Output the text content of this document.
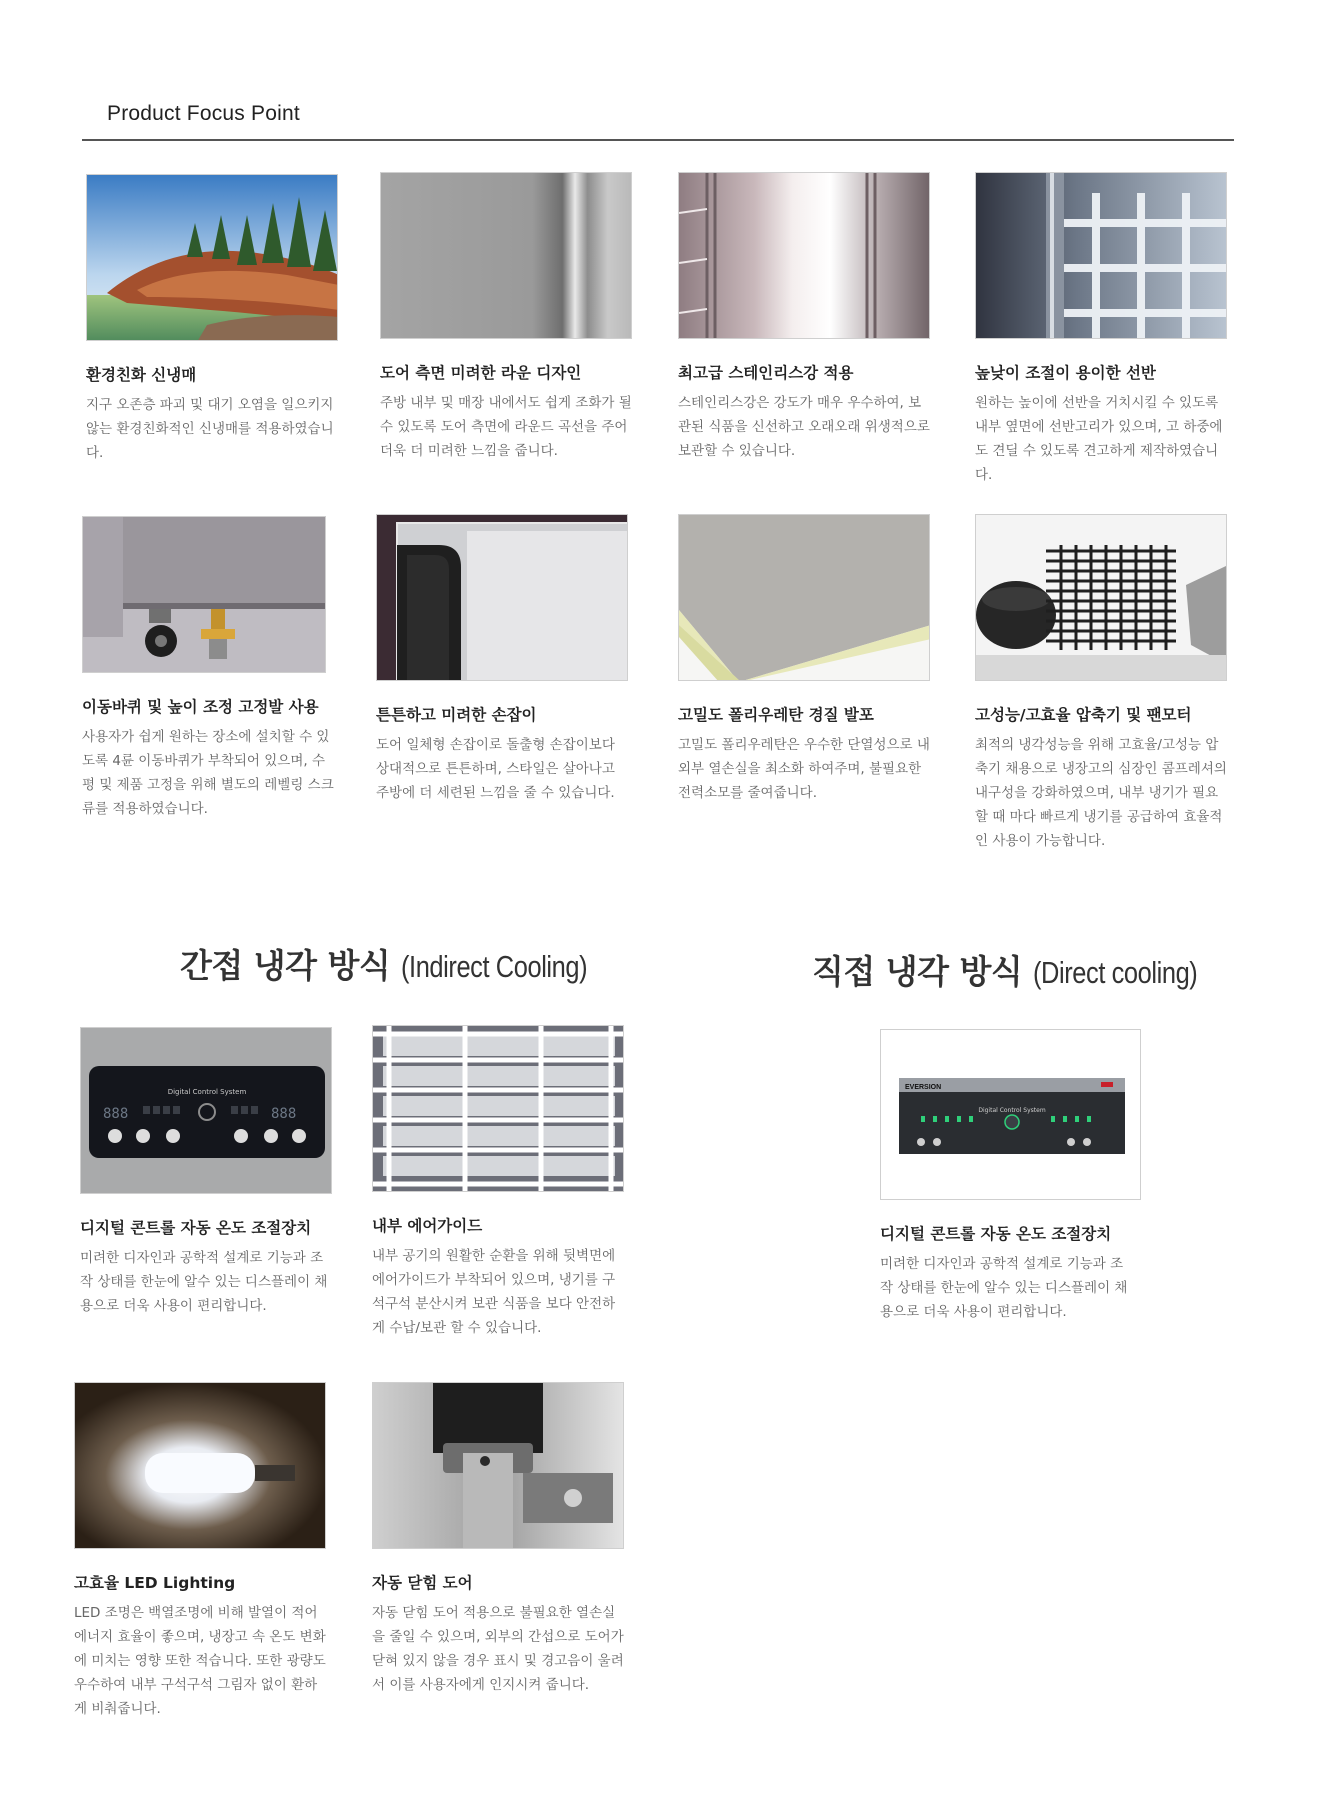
Product Focus Point
환경친화 신냉매
지구 오존층 파괴 및 대기 오염을 일으키지 않는 환경친화적인 신냉매를 적용하였습니다.
도어 측면 미려한 라운 디자인
주방 내부 및 매장 내에서도 쉽게 조화가 될 수 있도록 도어 측면에 라운드 곡선을 주어 더욱 더 미려한 느낌을 줍니다.
최고급 스테인리스강 적용
스테인리스강은 강도가 매우 우수하여, 보관된 식품을 신선하고 오래오래 위생적으로 보관할 수 있습니다.
높낮이 조절이 용이한 선반
원하는 높이에 선반을 거치시킬 수 있도록 내부 옆면에 선반고리가 있으며, 고 하중에도 견딜 수 있도록 견고하게 제작하였습니다.
이동바퀴 및 높이 조정 고정발 사용
사용자가 쉽게 원하는 장소에 설치할 수 있도록 4륜 이동바퀴가 부착되어 있으며, 수평 및 제품 고정을 위해 별도의 레벨링 스크류를 적용하였습니다.
튼튼하고 미려한 손잡이
도어 일체형 손잡이로 돌출형 손잡이보다 상대적으로 튼튼하며, 스타일은 살아나고 주방에 더 세련된 느낌을 줄 수 있습니다.
고밀도 폴리우레탄 경질 발포
고밀도 폴리우레탄은 우수한 단열성으로 내외부 열손실을 최소화 하여주며, 불필요한 전력소모를 줄여줍니다.
고성능/고효율 압축기 및 팬모터
최적의 냉각성능을 위해 고효율/고성능 압축기 채용으로 냉장고의 심장인 콤프레셔의 내구성을 강화하였으며, 내부 냉기가 필요할 때 마다 빠르게 냉기를 공급하여 효율적인 사용이 가능합니다.
간접 냉각 방식 (Indirect Cooling)	직접 냉각 방식 (Direct cooling)
Digital Control System
888	888
디지털 콘트롤 자동 온도 조절장치
미려한 디자인과 공학적 설계로 기능과 조작 상태를 한눈에 알수 있는 디스플레이 채용으로 더욱 사용이 편리합니다.
내부 에어가이드
내부 공기의 원활한 순환을 위해 뒷벽면에 에어가이드가 부착되어 있으며, 냉기를 구석구석 분산시켜 보관 식품을 보다 안전하게 수납/보관 할 수 있습니다.
고효율 LED Lighting
LED 조명은 백열조명에 비해 발열이 적어 에너지 효율이 좋으며, 냉장고 속 온도 변화에 미치는 영향 또한 적습니다. 또한 광량도 우수하여 내부 구석구석 그림자 없이 환하게 비춰줍니다.
자동 닫힘 도어
자동 닫힘 도어 적용으로 불필요한 열손실을 줄일 수 있으며, 외부의 간섭으로 도어가 닫혀 있지 않을 경우 표시 및 경고음이 울려서 이를 사용자에게 인지시켜 줍니다.
EVERSION
Digital Control System
디지털 콘트롤 자동 온도 조절장치
미려한 디자인과 공학적 설계로 기능과 조작 상태를 한눈에 알수 있는 디스플레이 채용으로 더욱 사용이 편리합니다.
